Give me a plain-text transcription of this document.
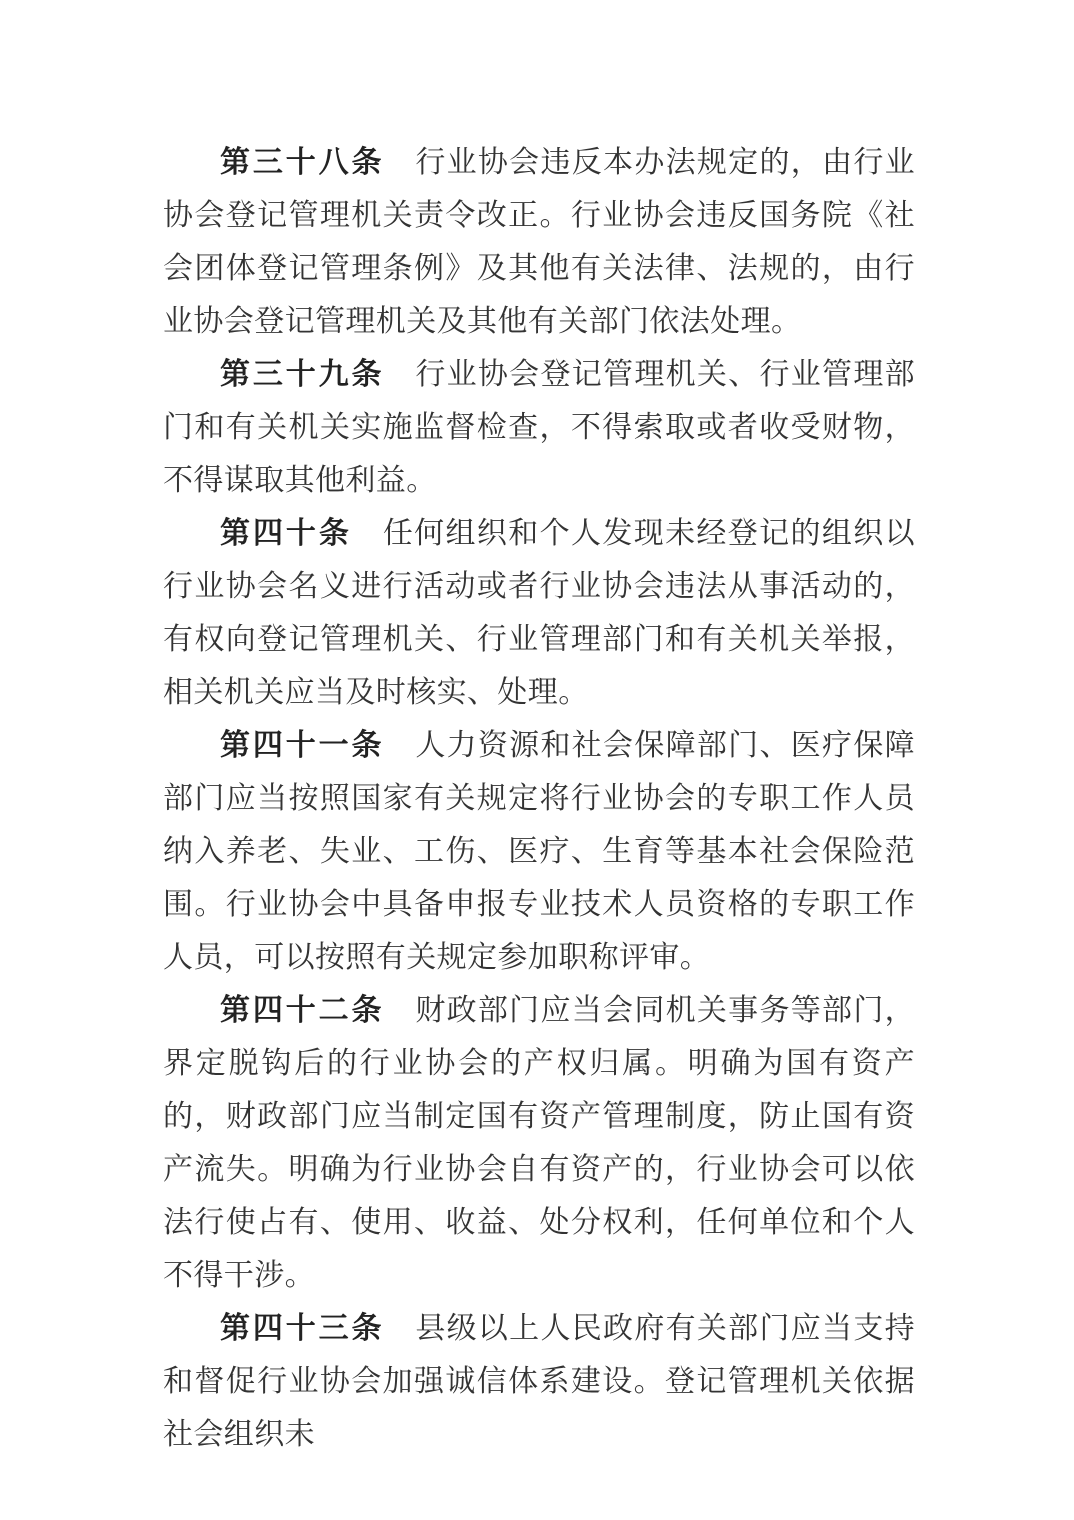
第三十八条 行业协会违反本办法规定的，由行业协会登记管理机关责令改正。行业协会违反国务院《社会团体登记管理条例》及其他有关法律、法规的，由行业协会登记管理机关及其他有关部门依法处理。

第三十九条 行业协会登记管理机关、行业管理部门和有关机关实施监督检查，不得索取或者收受财物，不得谋取其他利益。

第四十条 任何组织和个人发现未经登记的组织以行业协会名义进行活动或者行业协会违法从事活动的，有权向登记管理机关、行业管理部门和有关机关举报，相关机关应当及时核实、处理。

第四十一条 人力资源和社会保障部门、医疗保障部门应当按照国家有关规定将行业协会的专职工作人员纳入养老、失业、工伤、医疗、生育等基本社会保险范围。行业协会中具备申报专业技术人员资格的专职工作人员，可以按照有关规定参加职称评审。

第四十二条 财政部门应当会同机关事务等部门，界定脱钩后的行业协会的产权归属。明确为国有资产的，财政部门应当制定国有资产管理制度，防止国有资产流失。明确为行业协会自有资产的，行业协会可以依法行使占有、使用、收益、处分权利，任何单位和个人不得干涉。

第四十三条 县级以上人民政府有关部门应当支持和督促行业协会加强诚信体系建设。登记管理机关依据社会组织未
